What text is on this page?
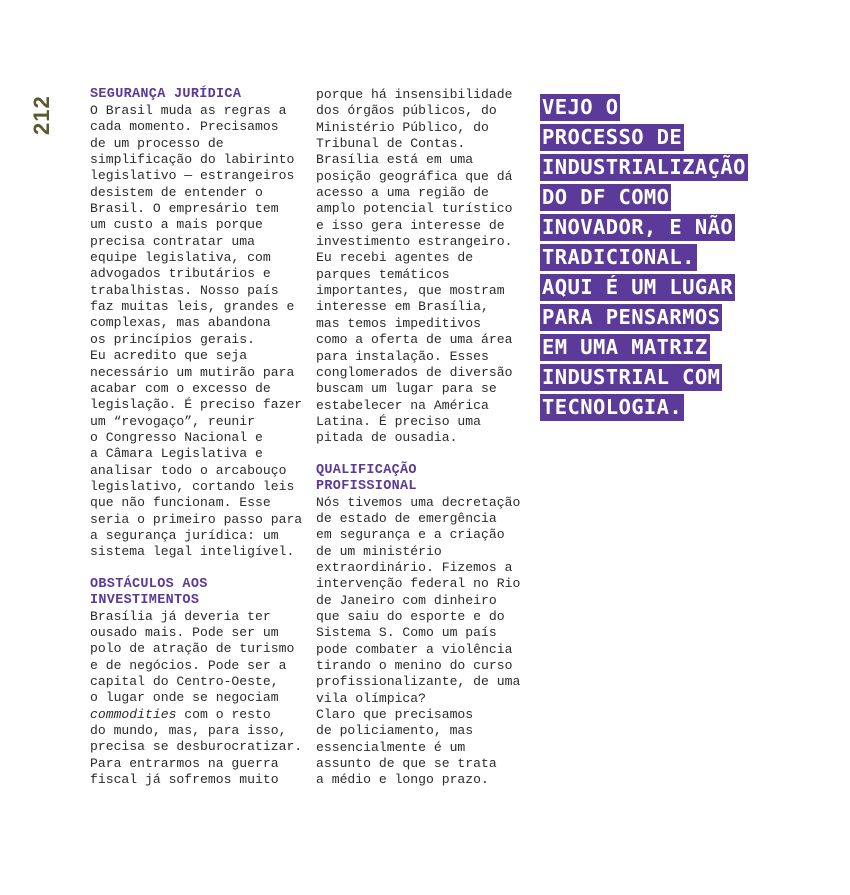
212
SEGURANÇA JURÍDICA

O Brasil muda as regras a
cada momento. Precisamos
de um processo de
simplificação do labirinto
legislativo — estrangeiros
desistem de entender o
Brasil. O empresário tem
um custo a mais porque
precisa contratar uma
equipe legislativa, com
advogados tributários e
trabalhistas. Nosso país
faz muitas leis, grandes e
complexas, mas abandona
os princípios gerais.
Eu acredito que seja
necessário um mutirão para
acabar com o excesso de
legislação. É preciso fazer
um “revogaço”, reunir
o Congresso Nacional e
a Câmara Legislativa e
analisar todo o arcabouço
legislativo, cortando leis
que não funcionam. Esse
seria o primeiro passo para
a segurança jurídica: um
sistema legal inteligível.

OBSTÁCULOS AOS
INVESTIMENTOS

Brasília já deveria ter
ousado mais. Pode ser um
polo de atração de turismo
e de negócios. Pode ser a
capital do Centro-Oeste,
o lugar onde se negociam
commodities com o resto
do mundo, mas, para isso,
precisa se desburocratizar.
Para entrarmos na guerra
fiscal já sofremos muito

porque há insensibilidade
dos órgãos públicos, do
Ministério Público, do
Tribunal de Contas.
Brasília está em uma
posição geográfica que dá
acesso a uma região de
amplo potencial turístico
e isso gera interesse de
investimento estrangeiro.
Eu recebi agentes de
parques temáticos
importantes, que mostram
interesse em Brasília,
mas temos impeditivos
como a oferta de uma área
para instalação. Esses
conglomerados de diversão
buscam um lugar para se
estabelecer na América
Latina. É preciso uma
pitada de ousadia.

QUALIFICAÇÃO
PROFISSIONAL

Nós tivemos uma decretação
de estado de emergência
em segurança e a criação
de um ministério
extraordinário. Fizemos a
intervenção federal no Rio
de Janeiro com dinheiro
que saiu do esporte e do
Sistema S. Como um país
pode combater a violência
tirando o menino do curso
profissionalizante, de uma
vila olímpica?
Claro que precisamos
de policiamento, mas
essencialmente é um
assunto de que se trata
a médio e longo prazo.

VEJO O
PROCESSO DE
INDUSTRIALIZAÇÃO
DO DF COMO
INOVADOR, E NÃO
TRADICIONAL.
AQUI É UM LUGAR
PARA PENSARMOS
EM UMA MATRIZ
INDUSTRIAL COM
TECNOLOGIA.
